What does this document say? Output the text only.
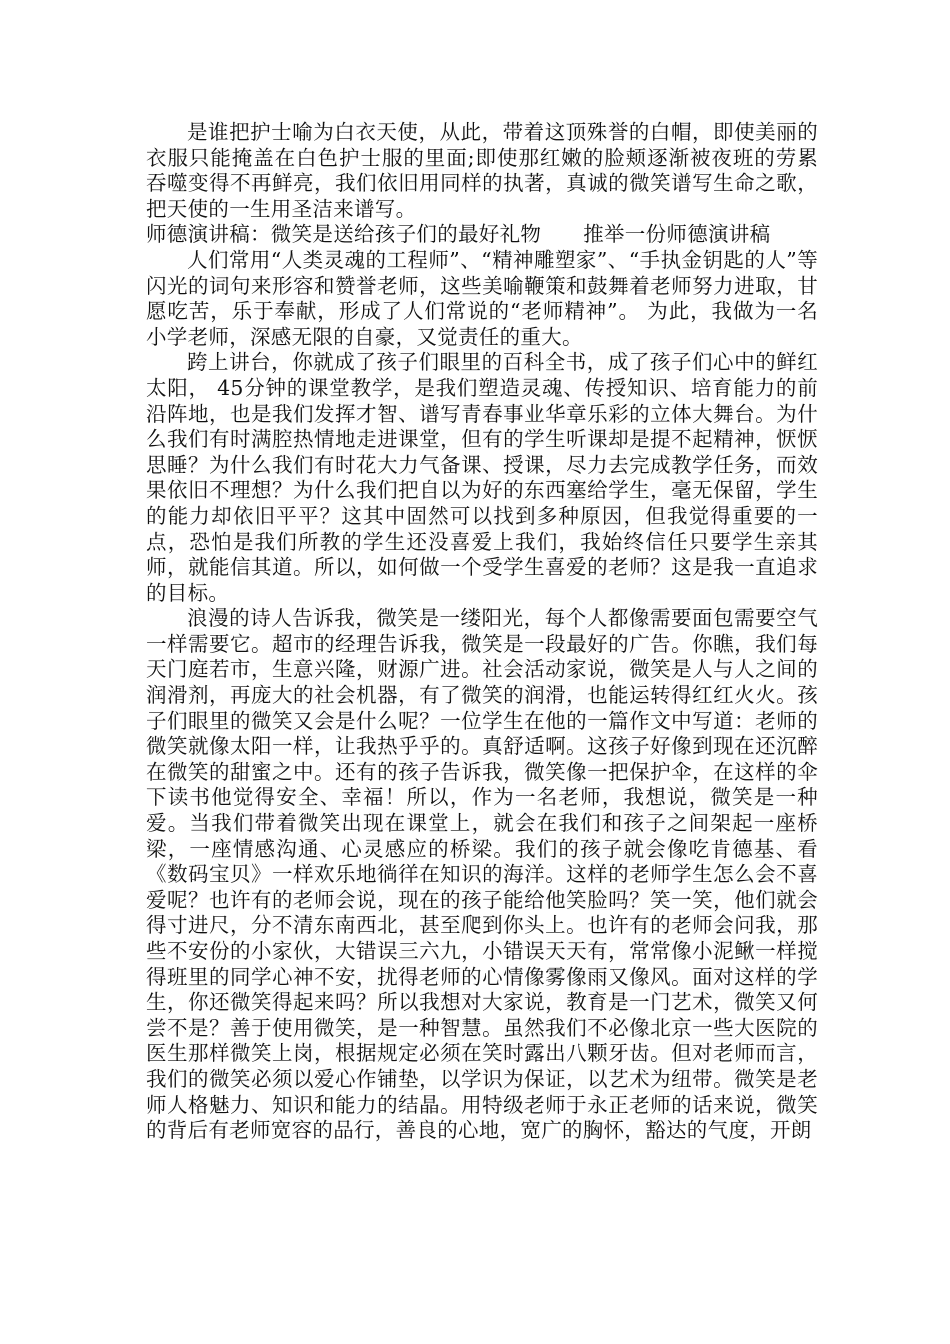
是谁把护士喻为白衣天使，从此，带着这顶殊誉的白帽，即使美丽的衣服只能掩盖在白色护士服的里面;即使那红嫩的脸颊逐渐被夜班的劳累吞噬变得不再鲜亮，我们依旧用同样的执著，真诚的微笑谱写生命之歌，把天使的一生用圣洁来谱写。

师德演讲稿：微笑是送给孩子们的最好礼物 推举一份师德演讲稿

人们常用“人类灵魂的工程师”、“精神雕塑家”、“手执金钥匙的人”等闪光的词句来形容和赞誉老师，这些美喻鞭策和鼓舞着老师努力进取，甘愿吃苦，乐于奉献，形成了人们常说的“老师精神”。 为此，我做为一名小学老师，深感无限的自豪，又觉责任的重大。

跨上讲台，你就成了孩子们眼里的百科全书，成了孩子们心中的鲜红太阳， 45分钟的课堂教学，是我们塑造灵魂、传授知识、培育能力的前沿阵地，也是我们发挥才智、谱写青春事业华章乐彩的立体大舞台。为什么我们有时满腔热情地走进课堂，但有的学生听课却是提不起精神，恹恹思睡？为什么我们有时花大力气备课、授课，尽力去完成教学任务，而效果依旧不理想？为什么我们把自以为好的东西塞给学生，毫无保留，学生的能力却依旧平平？这其中固然可以找到多种原因，但我觉得重要的一点，恐怕是我们所教的学生还没喜爱上我们，我始终信任只要学生亲其师，就能信其道。所以，如何做一个受学生喜爱的老师？这是我一直追求的目标。

浪漫的诗人告诉我，微笑是一缕阳光，每个人都像需要面包需要空气一样需要它。超市的经理告诉我，微笑是一段最好的广告。你瞧，我们每天门庭若市，生意兴隆，财源广进。社会活动家说，微笑是人与人之间的润滑剂，再庞大的社会机器，有了微笑的润滑，也能运转得红红火火。孩子们眼里的微笑又会是什么呢？一位学生在他的一篇作文中写道：老师的微笑就像太阳一样，让我热乎乎的。真舒适啊。这孩子好像到现在还沉醉在微笑的甜蜜之中。还有的孩子告诉我，微笑像一把保护伞，在这样的伞下读书他觉得安全、幸福！所以，作为一名老师，我想说，微笑是一种爱。当我们带着微笑出现在课堂上，就会在我们和孩子之间架起一座桥梁，一座情感沟通、心灵感应的桥梁。我们的孩子就会像吃肯德基、看《数码宝贝》一样欢乐地徜徉在知识的海洋。这样的老师学生怎么会不喜爱呢？也许有的老师会说，现在的孩子能给他笑脸吗？笑一笑，他们就会得寸进尺，分不清东南西北，甚至爬到你头上。也许有的老师会问我，那些不安份的小家伙，大错误三六九，小错误天天有，常常像小泥鳅一样搅得班里的同学心神不安，扰得老师的心情像雾像雨又像风。面对这样的学生，你还微笑得起来吗？所以我想对大家说，教育是一门艺术，微笑又何尝不是？善于使用微笑，是一种智慧。虽然我们不必像北京一些大医院的医生那样微笑上岗，根据规定必须在笑时露出八颗牙齿。但对老师而言，我们的微笑必须以爱心作铺垫，以学识为保证，以艺术为纽带。微笑是老师人格魅力、知识和能力的结晶。用特级老师于永正老师的话来说，微笑的背后有老师宽容的品行，善良的心地，宽广的胸怀，豁达的气度，开朗
